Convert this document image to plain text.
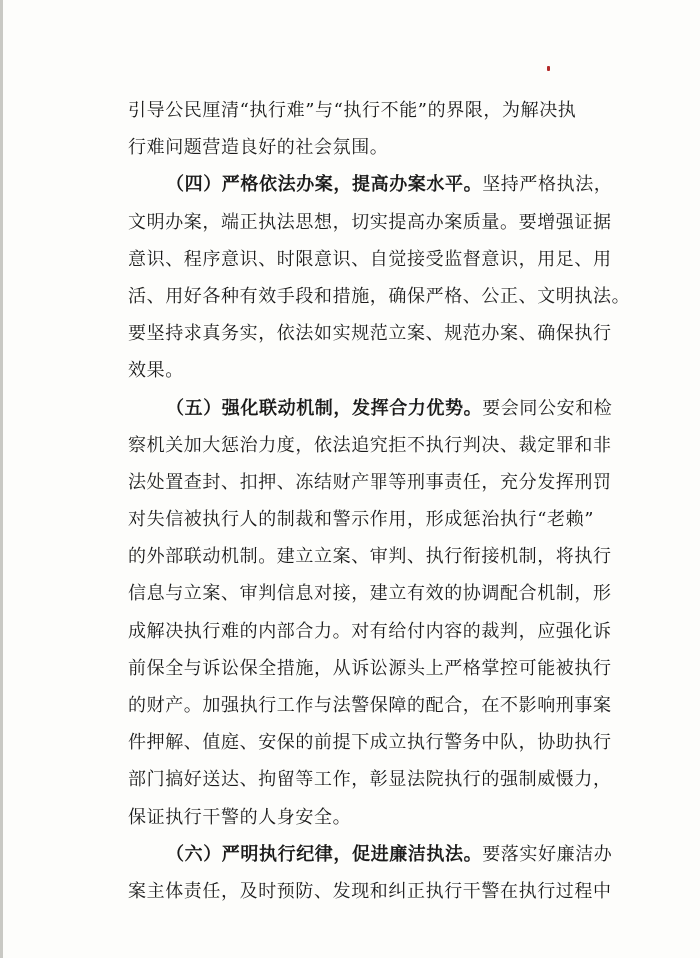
引导公民厘清“执行难”与“执行不能”的界限，为解决执
行难问题营造良好的社会氛围。
（四）严格依法办案，提高办案水平。坚持严格执法，
文明办案，端正执法思想，切实提高办案质量。要增强证据
意识、程序意识、时限意识、自觉接受监督意识，用足、用
活、用好各种有效手段和措施，确保严格、公正、文明执法。
要坚持求真务实，依法如实规范立案、规范办案、确保执行
效果。
（五）强化联动机制，发挥合力优势。要会同公安和检
察机关加大惩治力度，依法追究拒不执行判决、裁定罪和非
法处置查封、扣押、冻结财产罪等刑事责任，充分发挥刑罚
对失信被执行人的制裁和警示作用，形成惩治执行“老赖”
的外部联动机制。建立立案、审判、执行衔接机制，将执行
信息与立案、审判信息对接，建立有效的协调配合机制，形
成解决执行难的内部合力。对有给付内容的裁判，应强化诉
前保全与诉讼保全措施，从诉讼源头上严格掌控可能被执行
的财产。加强执行工作与法警保障的配合，在不影响刑事案
件押解、值庭、安保的前提下成立执行警务中队，协助执行
部门搞好送达、拘留等工作，彰显法院执行的强制威慑力，
保证执行干警的人身安全。
（六）严明执行纪律，促进廉洁执法。要落实好廉洁办
案主体责任，及时预防、发现和纠正执行干警在执行过程中
